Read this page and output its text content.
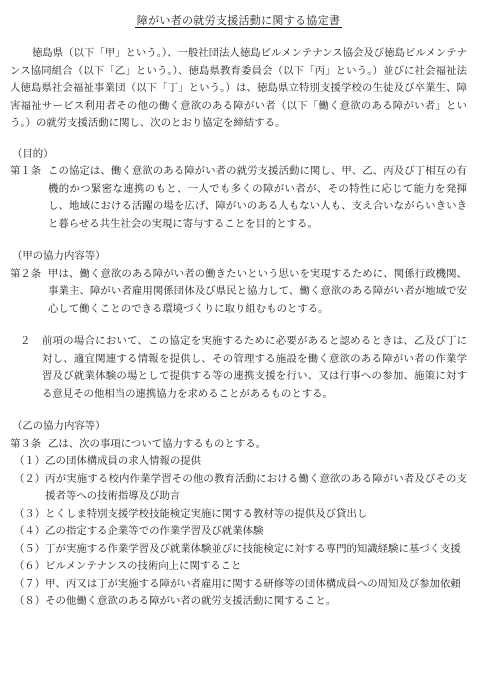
障がい者の就労支援活動に関する協定書

徳島県（以下「甲」という。）、一般社団法人徳島ビルメンテナンス協会及び徳島ビルメンテナンス協同組合（以下「乙」という。）、徳島県教育委員会（以下「丙」という。）並びに社会福祉法人徳島県社会福祉事業団（以下「丁」という。）は、徳島県立特別支援学校の生徒及び卒業生、障害福祉サービス利用者その他の働く意欲のある障がい者（以下「働く意欲のある障がい者」という。）の就労支援活動に関し、次のとおり協定を締結する。

（目的）

第１条 この協定は、働く意欲のある障がい者の就労支援活動に関し、甲、乙、丙及び丁相互の有機的かつ緊密な連携のもと、一人でも多くの障がい者が、その特性に応じて能力を発揮し、地域における活躍の場を広げ、障がいのある人もない人も、支え合いながらいきいきと暮らせる共生社会の実現に寄与することを目的とする。

（甲の協力内容等）

第２条 甲は、働く意欲のある障がい者の働きたいという思いを実現するために、関係行政機関、事業主、障がい者雇用関係団体及び県民と協力して、働く意欲のある障がい者が地域で安心して働くことのできる環境づくりに取り組むものとする。
２	前項の場合において、この協定を実施するために必要があると認めるときは、乙及び丁に対し、適宜関連する情報を提供し、その管理する施設を働く意欲のある障がい者の作業学習及び就業体験の場として提供する等の連携支援を行い、又は行事への参加、施策に対する意見その他相当の連携協力を求めることがあるものとする。

（乙の協力内容等）

第３条 乙は、次の事項について協力するものとする。
（１） 乙の団体構成員の求人情報の提供
（２） 丙が実施する校内作業学習その他の教育活動における働く意欲のある障がい者及びその支援者等への技術指導及び助言
（３） とくしま特別支援学校技能検定実施に関する教材等の提供及び貸出し
（４） 乙の指定する企業等での作業学習及び就業体験
（５） 丁が実施する作業学習及び就業体験並びに技能検定に対する専門的知識経験に基づく支援
（６） ビルメンテナンスの技術向上に関すること
（７） 甲、丙又は丁が実施する障がい者雇用に関する研修等の団体構成員への周知及び参加依頼
（８） その他働く意欲のある障がい者の就労支援活動に関すること。
